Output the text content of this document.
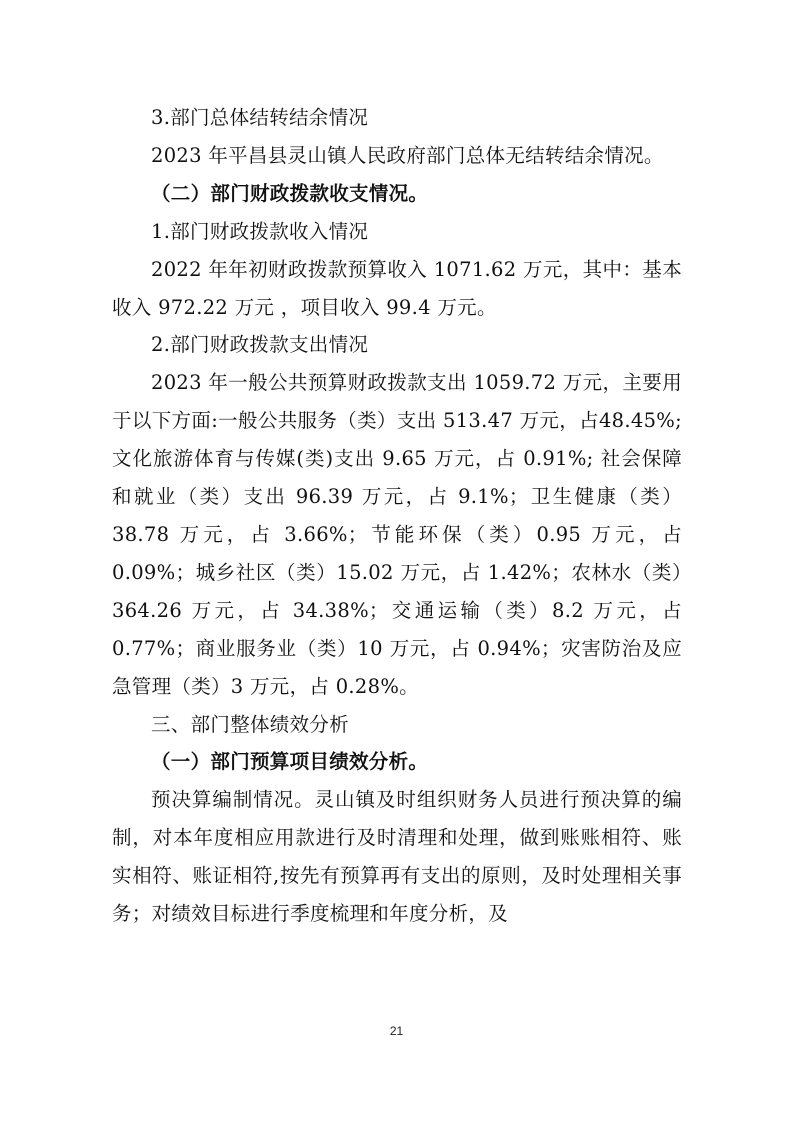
3.部门总体结转结余情况

2023 年平昌县灵山镇人民政府部门总体无结转结余情况。

（二）部门财政拨款收支情况。

1.部门财政拨款收入情况

2022 年年初财政拨款预算收入 1071.62 万元，其中：基本收入 972.22 万元 ，项目收入 99.4 万元。

2.部门财政拨款支出情况

2023 年一般公共预算财政拨款支出 1059.72 万元，主要用于以下方面:一般公共服务（类）支出 513.47 万元，占48.45%; 文化旅游体育与传媒(类)支出 9.65 万元，占 0.91%; 社会保障和就业（类）支出 96.39 万元，占 9.1%；卫生健康（类）38.78 万元，占 3.66%；节能环保（类）0.95 万元，占0.09%；城乡社区（类）15.02 万元，占 1.42%；农林水（类）364.26 万元，占 34.38%；交通运输（类）8.2 万元，占 0.77%；商业服务业（类）10 万元，占 0.94%；灾害防治及应急管理（类）3 万元，占 0.28%。

三、部门整体绩效分析

（一）部门预算项目绩效分析。

预决算编制情况。灵山镇及时组织财务人员进行预决算的编制，对本年度相应用款进行及时清理和处理，做到账账相符、账实相符、账证相符,按先有预算再有支出的原则，及时处理相关事务；对绩效目标进行季度梳理和年度分析，及

21
